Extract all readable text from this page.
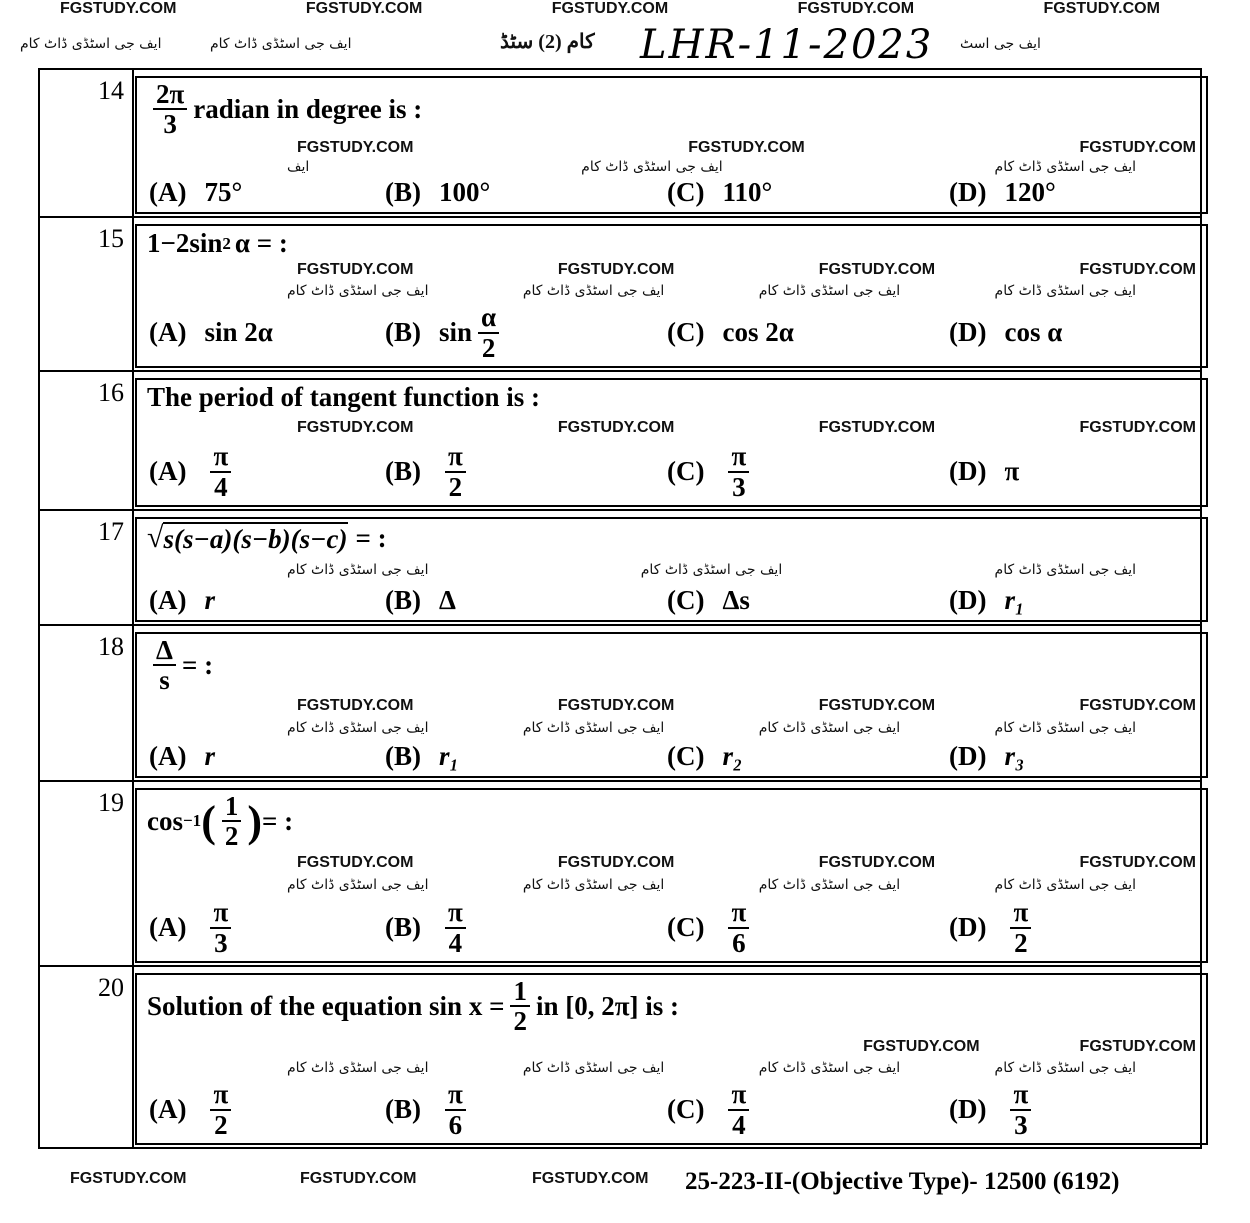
FGSTUDY.COM	FGSTUDY.COM	FGSTUDY.COM	FGSTUDY.COM	FGSTUDY.COM
ایف جی اسٹڈی ڈاٹ کام	ایف جی اسٹڈی ڈاٹ کام	کام (2) سٹڈ LHR-11-2023 ایف جی اسٹ
$14 \frac{2\pi}{3}$ radian in degree is :
FGSTUDY.COM	FGSTUDY.COM	FGSTUDY.COM
ایف جی اسٹڈی ڈاٹ کام
ایف جی اسٹڈی ڈاٹ کام
ایف
(A) 75°	(B) 100°	(C) 110°	(D) 120°
15 1−2sin 2 α = :
FGSTUDY.COM	FGSTUDY.COM	FGSTUDY.COM	FGSTUDY.COM
ایف جی اسٹڈی ڈاٹ کام
ایف جی اسٹڈی ڈاٹ کام
ایف جی اسٹڈی ڈاٹ کام
ایف جی اسٹڈی ڈاٹ کام
(A) sin 2α	(B) $\sin \frac{\alpha}{2}$	(C) cos 2α	(D) cos α
16 The period of tangent function is :
FGSTUDY.COM	FGSTUDY.COM	FGSTUDY.COM	FGSTUDY.COM
$(A) \frac{\pi}{4}$	$(B) \frac{\pi}{2}$	$(C) \frac{\pi}{3}$	(D) π
17 √ s(s−a)(s−b)(s−c) = :
ایف جی اسٹڈی ڈاٹ کام
ایف جی اسٹڈی ڈاٹ کام
ایف جی اسٹڈی ڈاٹ کام
(A) r	(B) Δ	(C) Δs	(D) r₁
$18 \frac{\Delta}{s}$ = :
FGSTUDY.COM	FGSTUDY.COM	FGSTUDY.COM	FGSTUDY.COM
ایف جی اسٹڈی ڈاٹ کام
ایف جی اسٹڈی ڈاٹ کام
ایف جی اسٹڈی ڈاٹ کام
ایف جی اسٹڈی ڈاٹ کام
(A) r	(B) r₁	(C) r₂	(D) r₃
19
cos −1 ( $\frac{1}{2}$ ) = :
FGSTUDY.COM	FGSTUDY.COM	FGSTUDY.COM	FGSTUDY.COM
ایف جی اسٹڈی ڈاٹ کام
ایف جی اسٹڈی ڈاٹ کام
ایف جی اسٹڈی ڈاٹ کام
ایف جی اسٹڈی ڈاٹ کام
$(A) \frac{\pi}{3}$	$(B) \frac{\pi}{4}$	$(C) \frac{\pi}{6}$	$(D) \frac{\pi}{2}$
20
Solution of the equation $\sin x = \frac{1}{2}$ in [0, 2π] is :
FGSTUDY.COM	FGSTUDY.COM
ایف جی اسٹڈی ڈاٹ کام
ایف جی اسٹڈی ڈاٹ کام
ایف جی اسٹڈی ڈاٹ کام
ایف جی اسٹڈی ڈاٹ کام
$(A) \frac{\pi}{2}$	$(B) \frac{\pi}{6}$	$(C) \frac{\pi}{4}$	$(D) \frac{\pi}{3}$
FGSTUDY.COM	FGSTUDY.COM	FGSTUDY.COM 25-223-II-(Objective Type)- 12500 (6192)
